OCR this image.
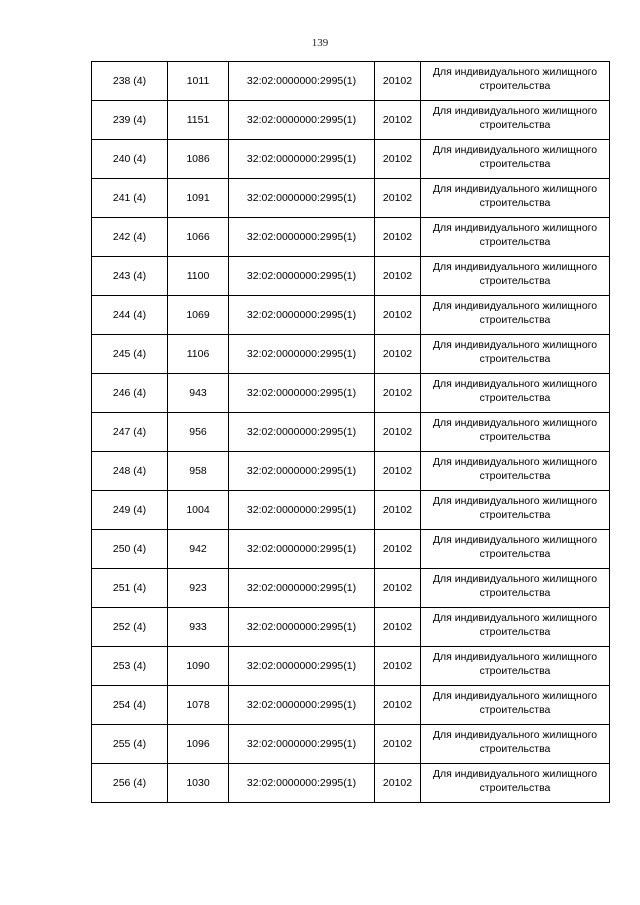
139
238 (4)	1011	32:02:0000000:2995(1)	20102	Для индивидуального жилищного
строительства

239 (4)	1151	32:02:0000000:2995(1)	20102	Для индивидуального жилищного
строительства

240 (4)	1086	32:02:0000000:2995(1)	20102	Для индивидуального жилищного
строительства

241 (4)	1091	32:02:0000000:2995(1)	20102	Для индивидуального жилищного
строительства

242 (4)	1066	32:02:0000000:2995(1)	20102	Для индивидуального жилищного
строительства

243 (4)	1100	32:02:0000000:2995(1)	20102	Для индивидуального жилищного
строительства

244 (4)	1069	32:02:0000000:2995(1)	20102	Для индивидуального жилищного
строительства

245 (4)	1106	32:02:0000000:2995(1)	20102	Для индивидуального жилищного
строительства

246 (4)	943	32:02:0000000:2995(1)	20102	Для индивидуального жилищного
строительства

247 (4)	956	32:02:0000000:2995(1)	20102	Для индивидуального жилищного
строительства

248 (4)	958	32:02:0000000:2995(1)	20102	Для индивидуального жилищного
строительства

249 (4)	1004	32:02:0000000:2995(1)	20102	Для индивидуального жилищного
строительства

250 (4)	942	32:02:0000000:2995(1)	20102	Для индивидуального жилищного
строительства

251 (4)	923	32:02:0000000:2995(1)	20102	Для индивидуального жилищного
строительства

252 (4)	933	32:02:0000000:2995(1)	20102	Для индивидуального жилищного
строительства

253 (4)	1090	32:02:0000000:2995(1)	20102	Для индивидуального жилищного
строительства

254 (4)	1078	32:02:0000000:2995(1)	20102	Для индивидуального жилищного
строительства

255 (4)	1096	32:02:0000000:2995(1)	20102	Для индивидуального жилищного
строительства

256 (4)	1030	32:02:0000000:2995(1)	20102	Для индивидуального жилищного
строительства
